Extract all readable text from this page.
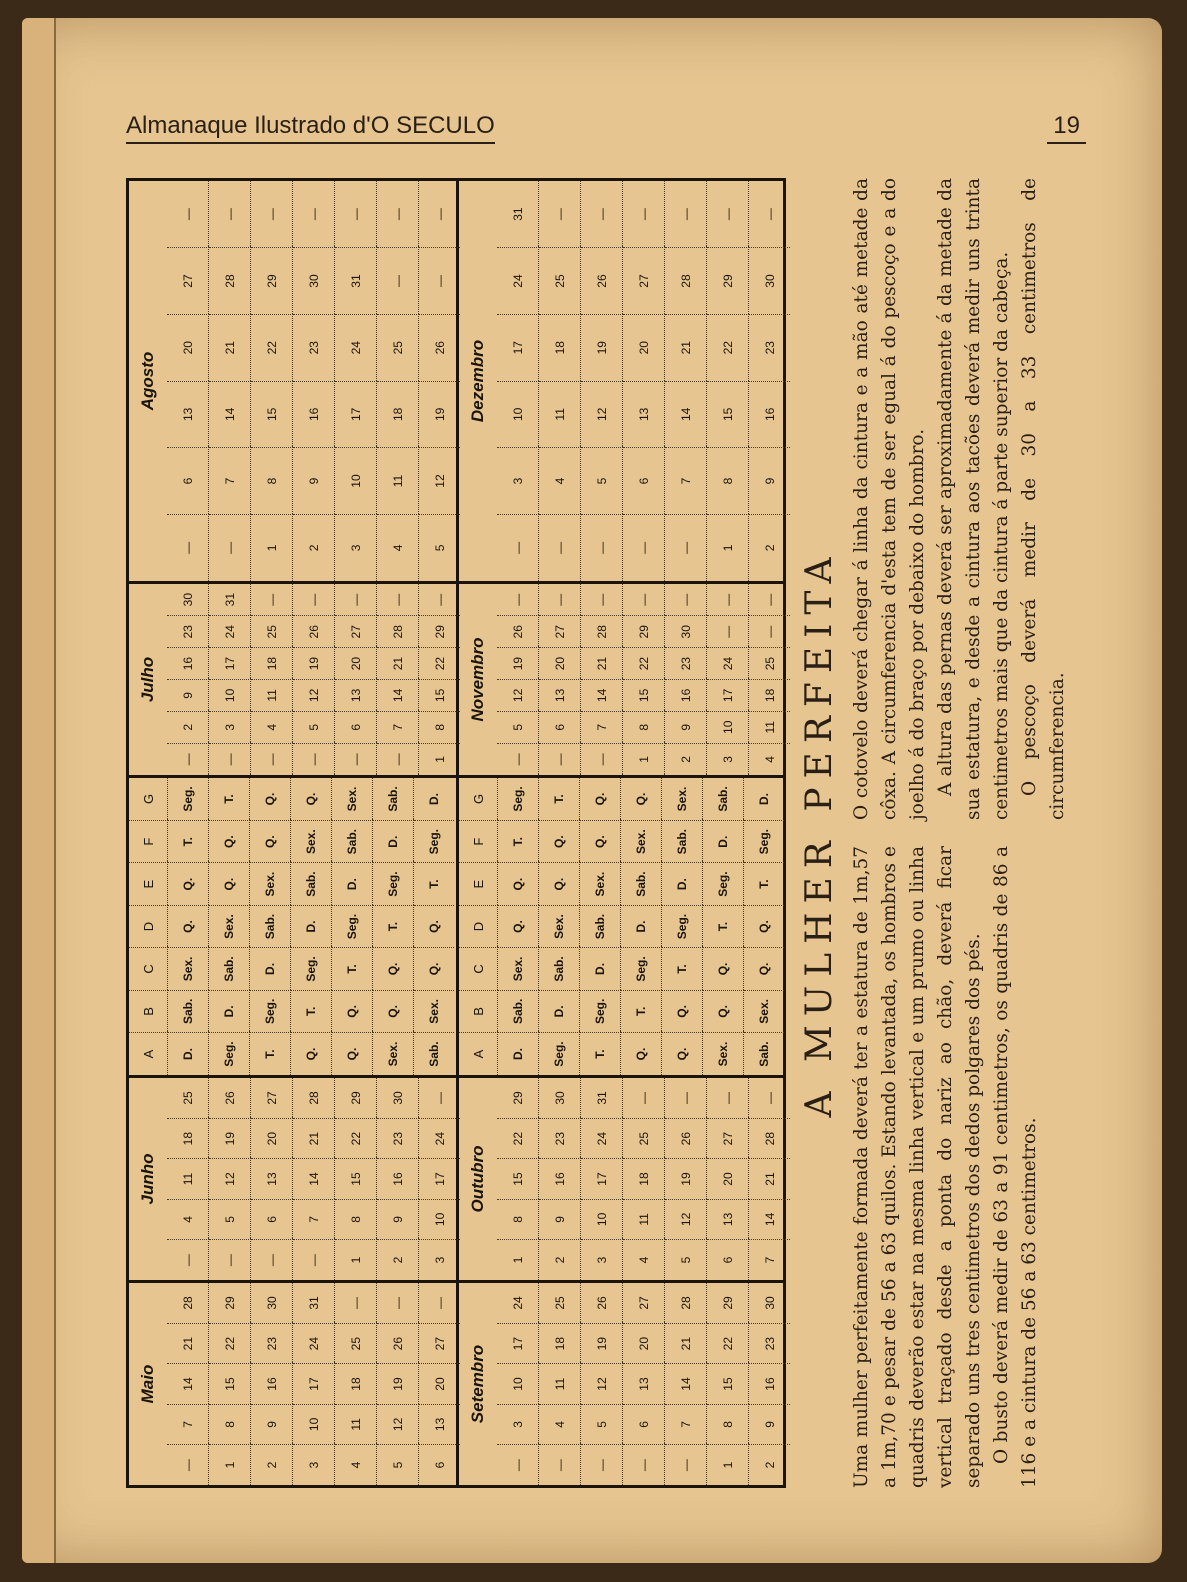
Almanaque Ilustrado d'O SECULO	19
Maio
—	7	14	21	28
1	8	15	22	29
2	9	16	23	30
3	10	17	24	31
4	11	18	25	—
5	12	19	26	—
6	13	20	27	—
Junho
—	4	11	18	25
—	5	12	19	26
—	6	13	20	27
—	7	14	21	28
1	8	15	22	29
2	9	16	23	30
3	10	17	24	—
A	B	C	D	E	F	G
D.	Sab.	Sex.	Q.	Q.	T.	Seg.
Seg.	D.	Sab.	Sex.	Q.	Q.	T.
T.	Seg.	D.	Sab.	Sex.	Q.	Q.
Q.	T.	Seg.	D.	Sab.	Sex.	Q.
Q.	Q.	T.	Seg.	D.	Sab.	Sex.
Sex.	Q.	Q.	T.	Seg.	D.	Sab.
Sab.	Sex.	Q.	Q.	T.	Seg.	D.
Julho
—	2	9	16	23	30
—	3	10	17	24	31
—	4	11	18	25	—
—	5	12	19	26	—
—	6	13	20	27	—
—	7	14	21	28	—
1	8	15	22	29	—
Agosto
—	6	13	20	27	—
—	7	14	21	28	—
1	8	15	22	29	—
2	9	16	23	30	—
3	10	17	24	31	—
4	11	18	25	—	—
5	12	19	26	—	—
Setembro
—	3	10	17	24
—	4	11	18	25
—	5	12	19	26
—	6	13	20	27
—	7	14	21	28
1	8	15	22	29
2	9	16	23	30
Outubro
1	8	15	22	29
2	9	16	23	30
3	10	17	24	31
4	11	18	25	—
5	12	19	26	—
6	13	20	27	—
7	14	21	28	—
A	B	C	D	E	F	G
D.	Sab.	Sex.	Q.	Q.	T.	Seg.
Seg.	D.	Sab.	Sex.	Q.	Q.	T.
T.	Seg.	D.	Sab.	Sex.	Q.	Q.
Q.	T.	Seg.	D.	Sab.	Sex.	Q.
Q.	Q.	T.	Seg.	D.	Sab.	Sex.
Sex.	Q.	Q.	T.	Seg.	D.	Sab.
Sab.	Sex.	Q.	Q.	T.	Seg.	D.
Novembro
—	5	12	19	26	—
—	6	13	20	27	—
—	7	14	21	28	—
1	8	15	22	29	—
2	9	16	23	30	—
3	10	17	24	—	—
4	11	18	25	—	—
Dezembro
—	3	10	17	24	31
—	4	11	18	25	—
—	5	12	19	26	—
—	6	13	20	27	—
—	7	14	21	28	—
1	8	15	22	29	—
2	9	16	23	30	—
A MULHER PERFEITA

Uma mulher perfeitamente formada deverá ter a estatura de 1m,57 a 1m,70 e pesar de 56 a 63 quilos. Estando levantada, os hombros e quadris deverão estar na mesma linha vertical e um prumo ou linha vertical traçado desde a ponta do nariz ao chão, deverá ficar separado uns tres centimetros dos dedos polgares dos pés. O busto deverá medir de 63 a 91 centimetros, os quadris de 86 a 116 e a cintura de 56 a 63 centimetros.

O cotovelo deverá chegar á linha da cintura e a mão até metade da côxa. A circumferencia d'esta tem de ser egual á do pescoço e a do joelho á do braço por debaixo do hombro. A altura das pernas deverá ser aproximadamente á da metade da sua estatura, e desde a cintura aos tacões deverá medir uns trinta centimetros mais que da cintura á parte superior da cabeça. O pescoço deverá medir de 30 a 33 centimetros de circumferencia.
